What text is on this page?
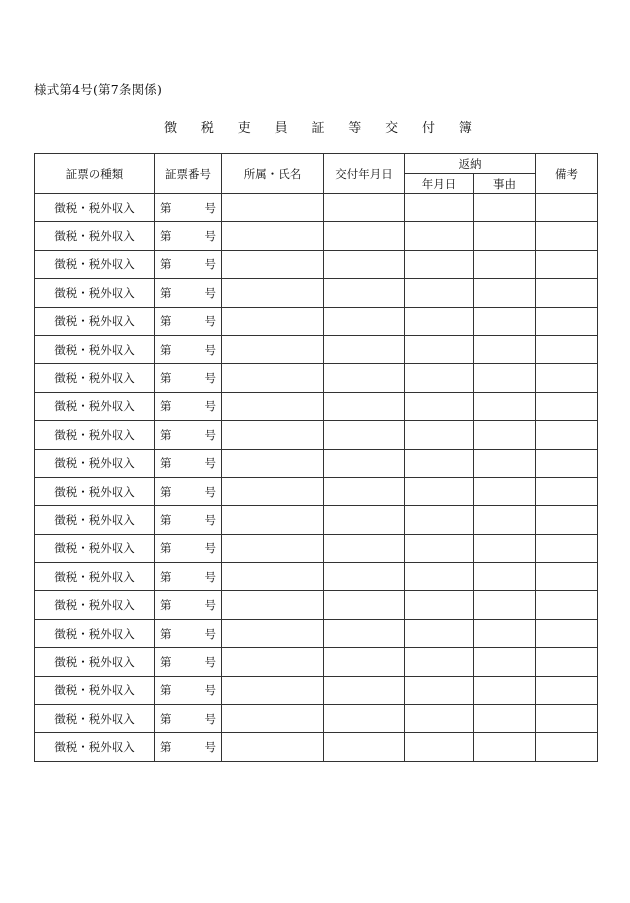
様式第4号(第7条関係)
徴 税 吏 員 証 等 交 付 簿
証票の種類	証票番号	所属・氏名	交付年月日	返納		備考
				年月日	事由	
徴税・税外収入	第 号					

徴税・税外収入	第 号					

徴税・税外収入	第 号					

徴税・税外収入	第 号					

徴税・税外収入	第 号					

徴税・税外収入	第 号					

徴税・税外収入	第 号					

徴税・税外収入	第 号					

徴税・税外収入	第 号					

徴税・税外収入	第 号					

徴税・税外収入	第 号					

徴税・税外収入	第 号					

徴税・税外収入	第 号					

徴税・税外収入	第 号					

徴税・税外収入	第 号					

徴税・税外収入	第 号					

徴税・税外収入	第 号					

徴税・税外収入	第 号					

徴税・税外収入	第 号					

徴税・税外収入	第 号					
